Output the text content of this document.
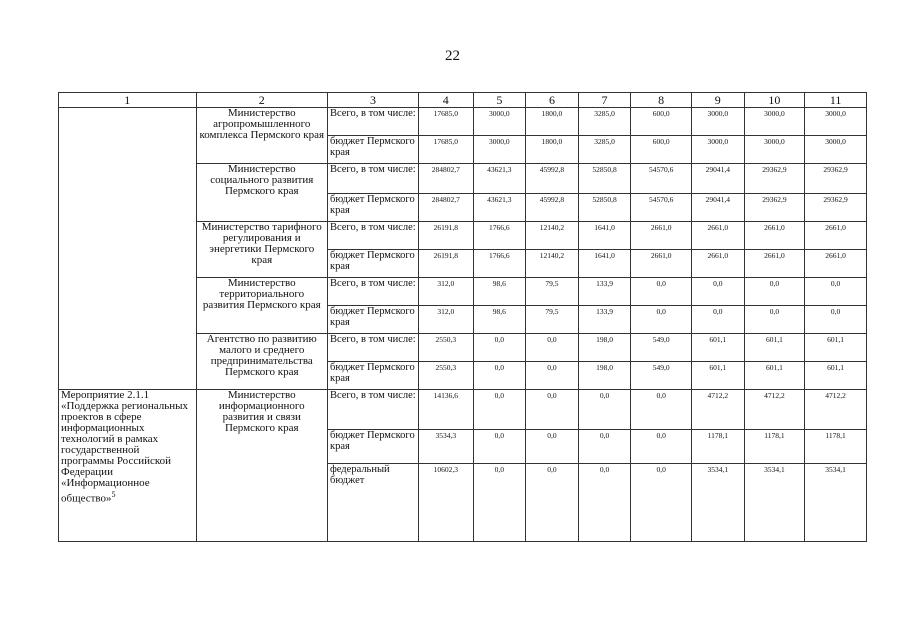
22
1	2	3	4	5	6	7	8	9	10	11
	Министерство агропромышленного комплекса Пермского края	Всего, в том числе:	17685,0	3000,0	1800,0	3285,0	600,0	3000,0	3000,0	3000,0
		бюджет Пермского края	17685,0	3000,0	1800,0	3285,0	600,0	3000,0	3000,0	3000,0
	Министерство социального развития Пермского края	Всего, в том числе:	284802,7	43621,3	45992,8	52850,8	54570,6	29041,4	29362,9	29362,9
		бюджет Пермского края	284802,7	43621,3	45992,8	52850,8	54570,6	29041,4	29362,9	29362,9
	Министерство тарифного регулирования и энергетики Пермского края	Всего, в том числе:	26191,8	1766,6	12140,2	1641,0	2661,0	2661,0	2661,0	2661,0
		бюджет Пермского края	26191,8	1766,6	12140,2	1641,0	2661,0	2661,0	2661,0	2661,0
	Министерство территориального развития Пермского края	Всего, в том числе:	312,0	98,6	79,5	133,9	0,0	0,0	0,0	0,0
		бюджет Пермского края	312,0	98,6	79,5	133,9	0,0	0,0	0,0	0,0
	Агентство по развитию малого и среднего предпринимательства Пермского края	Всего, в том числе:	2550,3	0,0	0,0	198,0	549,0	601,1	601,1	601,1
		бюджет Пермского края	2550,3	0,0	0,0	198,0	549,0	601,1	601,1	601,1
Мероприятие 2.1.1 «Поддержка региональных проектов в сфере информационных технологий в рамках государственной программы Российской Федерации «Информационное общество»$^5$	Министерство информационного развития и связи Пермского края	Всего, в том числе:	14136,6	0,0	0,0	0,0	0,0	4712,2	4712,2	4712,2
		бюджет Пермского края	3534,3	0,0	0,0	0,0	0,0	1178,1	1178,1	1178,1
		федеральный бюджет	10602,3	0,0	0,0	0,0	0,0	3534,1	3534,1	3534,1
